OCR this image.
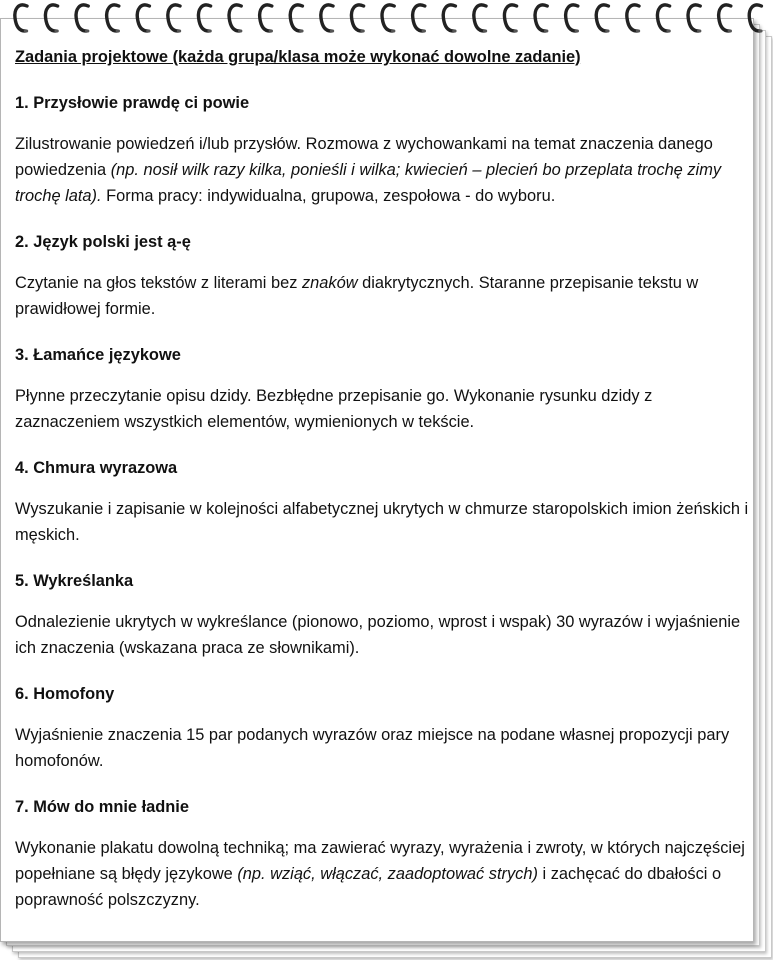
Zadania projektowe (każda grupa/klasa może wykonać dowolne zadanie)

1. Przysłowie prawdę ci powie

Zilustrowanie powiedzeń i/lub przysłów. Rozmowa z wychowankami na temat znaczenia danego powiedzenia (np. nosił wilk razy kilka, ponieśli i wilka; kwiecień – plecień bo przeplata trochę zimy trochę lata). Forma pracy: indywidualna, grupowa, zespołowa - do wyboru.

2. Język polski jest ą-ę

Czytanie na głos tekstów z literami bez znaków diakrytycznych. Staranne przepisanie tekstu w prawidłowej formie.

3. Łamańce językowe

Płynne przeczytanie opisu dzidy. Bezbłędne przepisanie go. Wykonanie rysunku dzidy z zaznaczeniem wszystkich elementów, wymienionych w tekście.

4. Chmura wyrazowa

Wyszukanie i zapisanie w kolejności alfabetycznej ukrytych w chmurze staropolskich imion żeńskich i męskich.

5. Wykreślanka

Odnalezienie ukrytych w wykreślance (pionowo, poziomo, wprost i wspak) 30 wyrazów i wyjaśnienie ich znaczenia (wskazana praca ze słownikami).

6. Homofony

Wyjaśnienie znaczenia 15 par podanych wyrazów oraz miejsce na podane własnej propozycji pary homofonów.

7. Mów do mnie ładnie

Wykonanie plakatu dowolną techniką; ma zawierać wyrazy, wyrażenia i zwroty, w których najczęściej popełniane są błędy językowe (np. wziąć, włączać, zaadoptować strych) i zachęcać do dbałości o poprawność polszczyzny.
